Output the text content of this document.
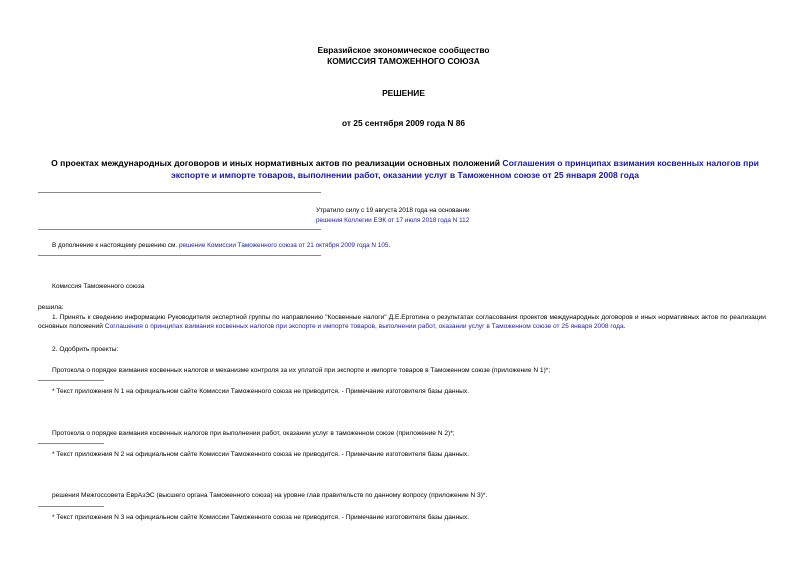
Евразийское экономическое сообщество
КОМИССИЯ ТАМОЖЕННОГО СОЮЗА
РЕШЕНИЕ
от 25 сентября 2009 года N 86
О проектах международных договоров и иных нормативных актов по реализации основных положений Соглашения о принципах взимания косвенных налогов при экспорте и импорте товаров, выполнении работ, оказании услуг в Таможенном союзе от 25 января 2008 года
Утратило силу с 19 августа 2018 года на основании
решения Коллегии ЕЭК от 17 июля 2018 года N 112
В дополнение к настоящему решению см. решение Комиссии Таможенного союза от 21 октября 2009 года N 105.
Комиссия Таможенного союза
решила:
1. Принять к сведению информацию Руководителя экспертной группы по направлению "Косвенные налоги" Д.Е.Ерготина о результатах согласования проектов международных договоров и иных нормативных актов по реализации основных положений Соглашения о принципах взимания косвенных налогов при экспорте и импорте товаров, выполнении работ, оказании услуг в Таможенном союзе от 25 января 2008 года.
2. Одобрить проекты:
Протокола о порядке взимания косвенных налогов и механизме контроля за их уплатой при экспорте и импорте товаров в Таможенном союзе (приложение N 1)*;
* Текст приложения N 1 на официальном сайте Комиссии Таможенного союза не приводится. - Примечание изготовителя базы данных.
Протокола о порядке взимания косвенных налогов при выполнении работ, оказании услуг в таможенном союзе (приложение N 2)*;
* Текст приложения N 2 на официальном сайте Комиссии Таможенного союза не приводится. - Примечание изготовителя базы данных.
решения Межгоссовета ЕврАзЭС (высшего органа Таможенного союза) на уровне глав правительств по данному вопросу (приложение N 3)*.
* Текст приложения N 3 на официальном сайте Комиссии Таможенного союза не приводится. - Примечание изготовителя базы данных.
